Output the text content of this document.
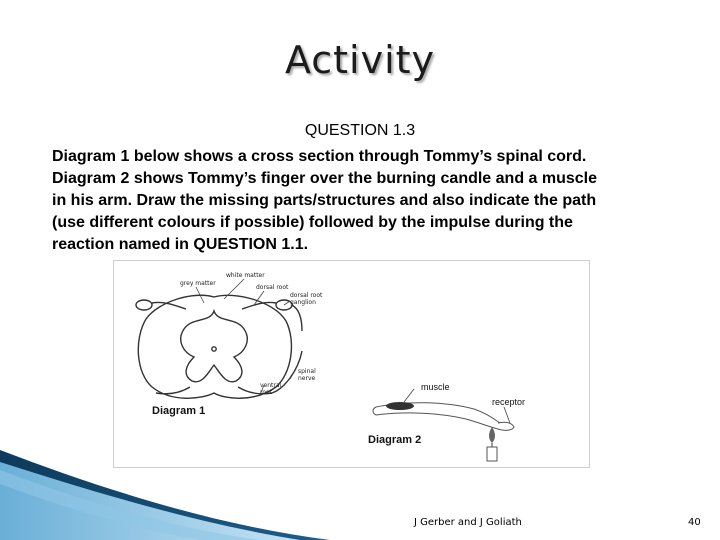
Activity
QUESTION 1.3
Diagram 1 below shows a cross section through Tommy’s spinal cord.
Diagram 2 shows Tommy’s finger over the burning candle and a muscle
in his arm. Draw the missing parts/structures and also indicate the path
(use different colours if possible) followed by the impulse during the
reaction named in QUESTION 1.1.
grey matter
white matter
dorsal root
dorsal root
ganglion
spinal
nerve
ventral
root
Diagram 1
muscle
receptor
Diagram 2
J Gerber and J Goliath	40
